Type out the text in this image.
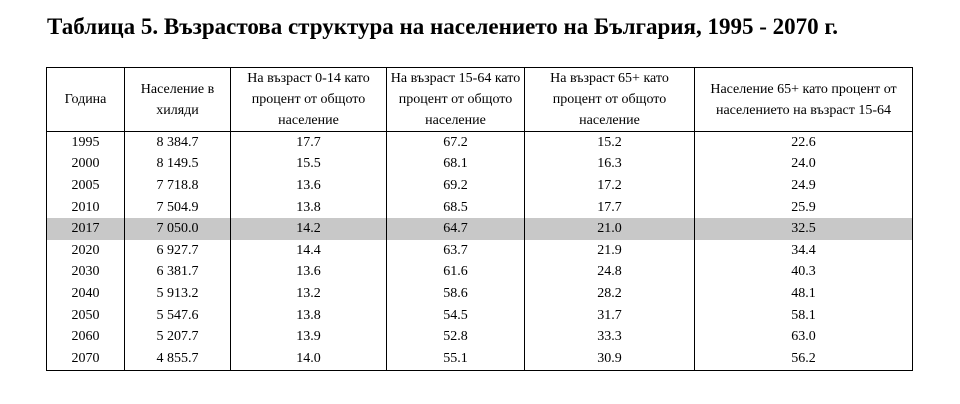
Таблица 5. Възрастова структура на населението на България, 1995 - 2070 г.
Година	Население в хиляди	На възраст 0-14 като процент от общото население	На възраст 15-64 като процент от общото население	На възраст 65+ като процент от общото население	Население 65+ като процент от населението на възраст 15-64
1995	8 384.7	17.7	67.2	15.2	22.6
2000	8 149.5	15.5	68.1	16.3	24.0
2005	7 718.8	13.6	69.2	17.2	24.9
2010	7 504.9	13.8	68.5	17.7	25.9
2017	7 050.0	14.2	64.7	21.0	32.5
2020	6 927.7	14.4	63.7	21.9	34.4
2030	6 381.7	13.6	61.6	24.8	40.3
2040	5 913.2	13.2	58.6	28.2	48.1
2050	5 547.6	13.8	54.5	31.7	58.1
2060	5 207.7	13.9	52.8	33.3	63.0
2070	4 855.7	14.0	55.1	30.9	56.2
